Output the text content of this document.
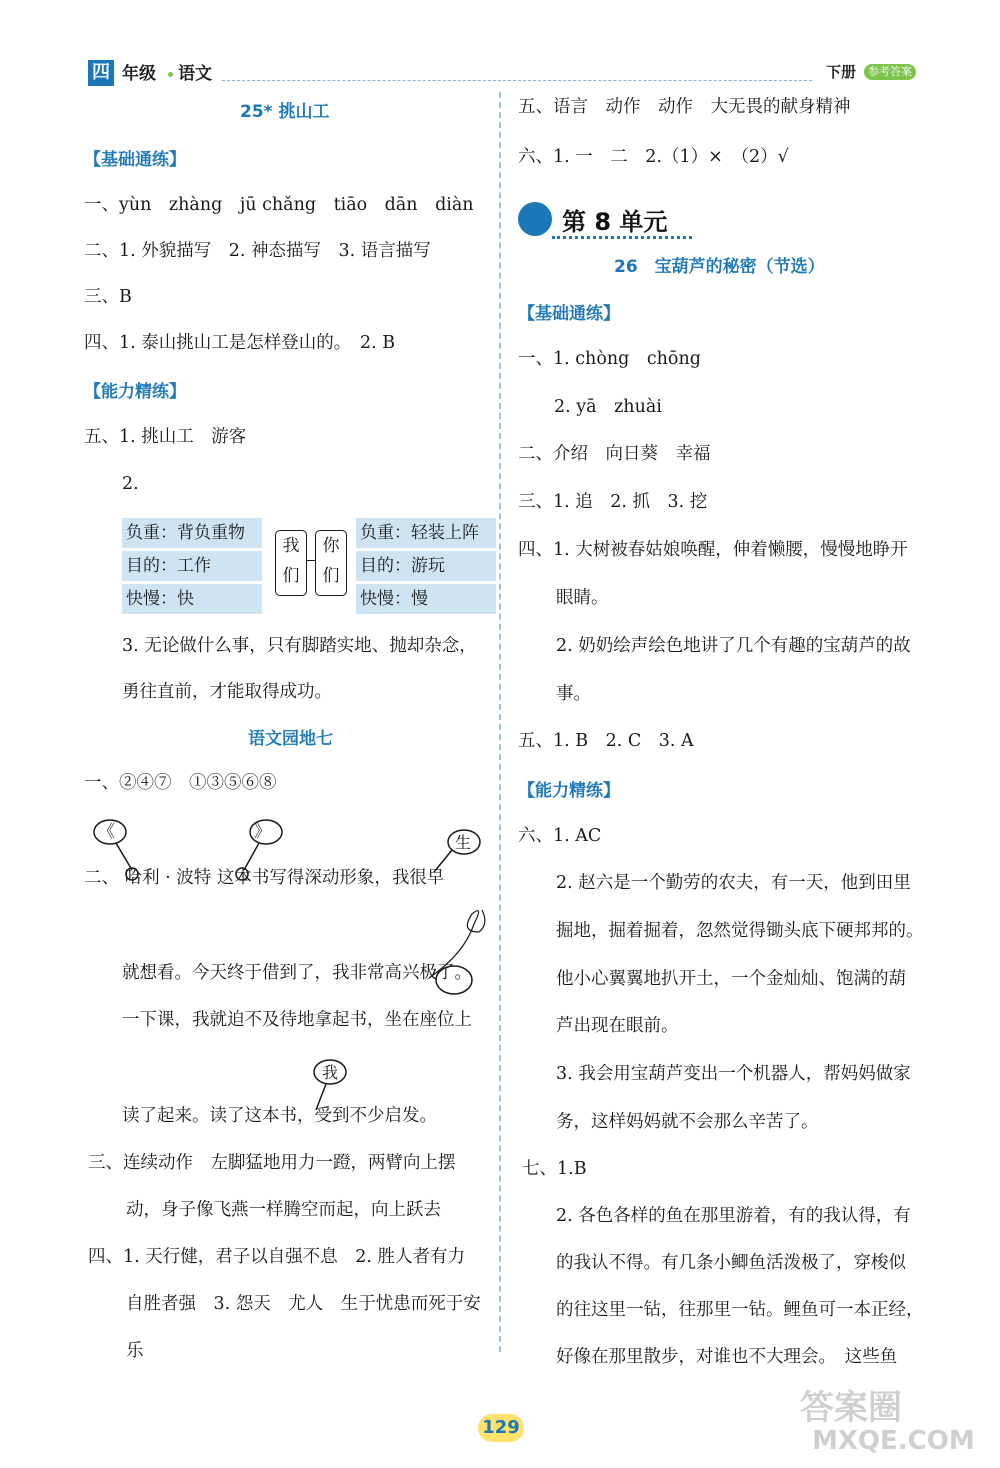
四 年级 语文	下册	参考答案
25* 挑山工
【基础通练】
一、yùn　zhàng　jū chǎng　tiāo　dān　diàn
二、1. 外貌描写　2. 神态描写　3. 语言描写
三、B
四、1. 泰山挑山工是怎样登山的。　2. B
【能力精练】
五、1. 挑山工　游客
2.
负重：背负重物
目的：工作
快慢：快
我
们
你
们
负重：轻装上阵
目的：游玩
快慢：慢
3. 无论做什么事，只有脚踏实地、抛却杂念，
勇往直前，才能取得成功。
语文园地七
一、②④⑦　①③⑤⑥⑧
《	》
生
二、 哈利 · 波特 这本书写得深动形象，我很早
就想看。今天终于借到了，我非常高兴极了。
一下课，我就迫不及待地拿起书，坐在座位上
我
读了起来。读了这本书，受到不少启发。
三、连续动作　左脚猛地用力一蹬，两臂向上摆
动，身子像飞燕一样腾空而起，向上跃去
四、1. 天行健，君子以自强不息　2. 胜人者有力
自胜者强　3. 怨天　尤人　生于忧患而死于安
乐
五、语言　动作　动作　大无畏的献身精神
六、1. 一　二　2.（1）×　（2）√
第 8 单元
26　宝葫芦的秘密（节选）
【基础通练】
一、1. chòng　chōng
2. yā　zhuài
二、介绍　向日葵　幸福
三、1. 追　2. 抓　3. 挖
四、1. 大树被春姑娘唤醒，伸着懒腰，慢慢地睁开
眼睛。
2. 奶奶绘声绘色地讲了几个有趣的宝葫芦的故
事。
五、1. B　2. C　3. A
【能力精练】
六、1. AC
2. 赵六是一个勤劳的农夫，有一天，他到田里
掘地，掘着掘着，忽然觉得锄头底下硬邦邦的。
他小心翼翼地扒开土，一个金灿灿、饱满的葫
芦出现在眼前。
3. 我会用宝葫芦变出一个机器人，帮妈妈做家
务，这样妈妈就不会那么辛苦了。
七、1.B
2. 各色各样的鱼在那里游着，有的我认得，有
的我认不得。有几条小鲫鱼活泼极了，穿梭似
的往这里一钻，往那里一钻。鲤鱼可一本正经，
好像在那里散步，对谁也不大理会。　这些鱼
129	答案圈
MXQE.COM
